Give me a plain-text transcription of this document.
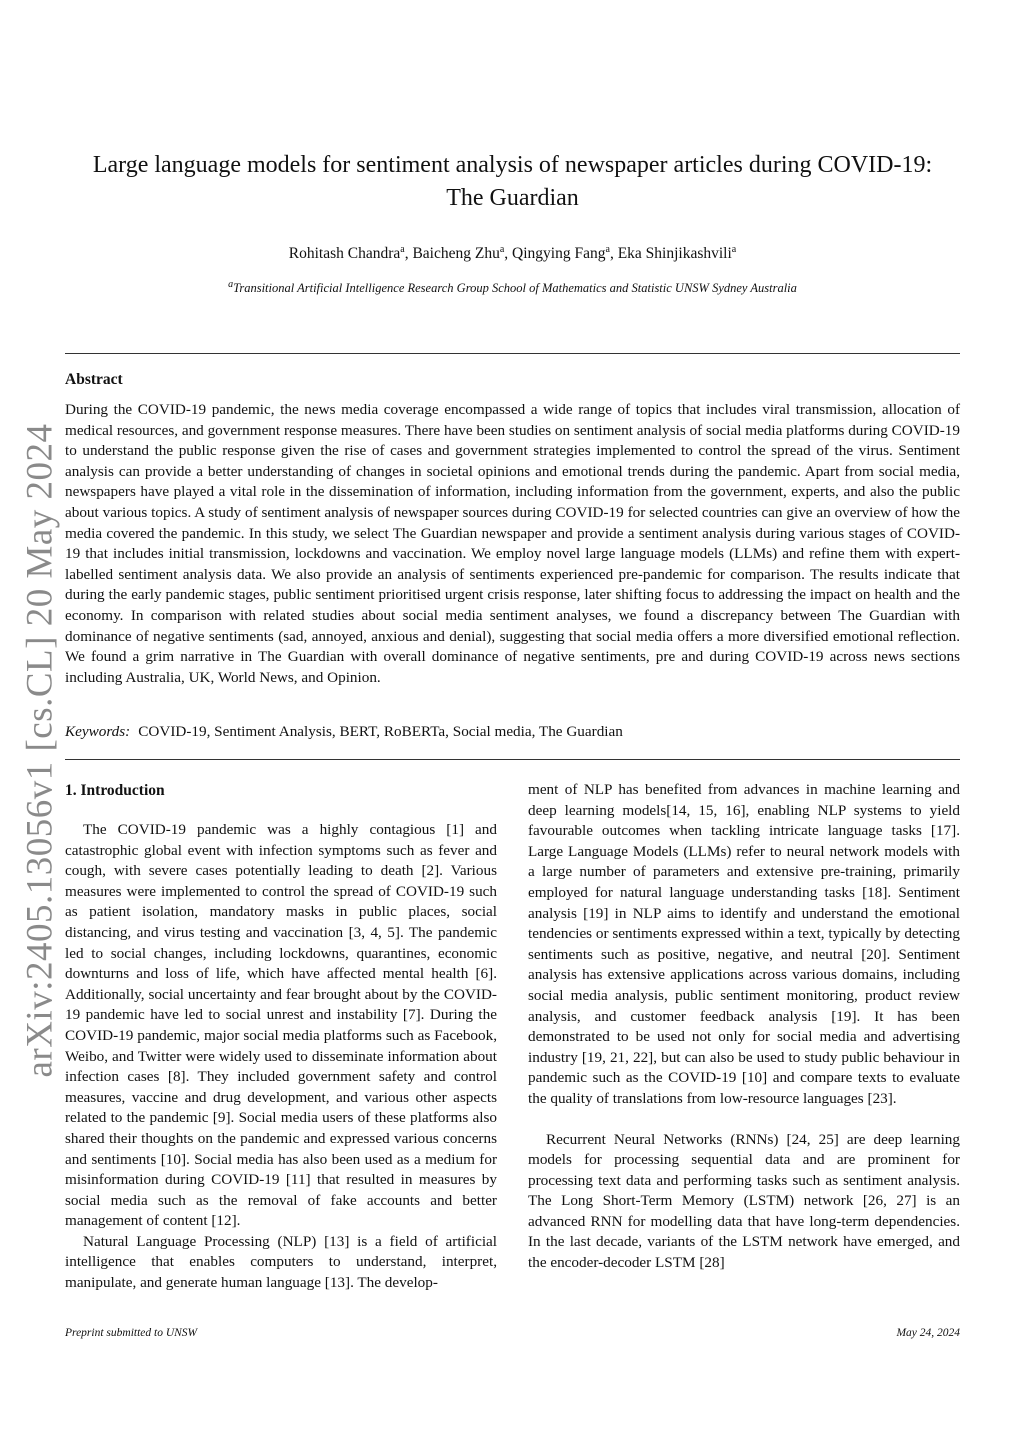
arXiv:2405.13056v1 [cs.CL] 20 May 2024
Large language models for sentiment analysis of newspaper articles during COVID-19:
The Guardian
Rohitash Chandra$^a$, Baicheng Zhu$^a$, Qingying Fang$^a$, Eka Shinjikashvili$^a$
$^a$Transitional Artificial Intelligence Research Group School of Mathematics and Statistic UNSW Sydney Australia
Abstract

During the COVID-19 pandemic, the news media coverage encompassed a wide range of topics that includes viral transmission, allocation of medical resources, and government response measures. There have been studies on sentiment analysis of social media platforms during COVID-19 to understand the public response given the rise of cases and government strategies implemented to control the spread of the virus. Sentiment analysis can provide a better understanding of changes in societal opinions and emotional trends during the pandemic. Apart from social media, newspapers have played a vital role in the dissemination of information, including information from the government, experts, and also the public about various topics. A study of sentiment analysis of newspaper sources during COVID-19 for selected countries can give an overview of how the media covered the pandemic. In this study, we select The Guardian newspaper and provide a sentiment analysis during various stages of COVID-19 that includes initial transmission, lockdowns and vaccination. We employ novel large language models (LLMs) and refine them with expert-labelled sentiment analysis data. We also provide an analysis of sentiments experienced pre-pandemic for comparison. The results indicate that during the early pandemic stages, public sentiment prioritised urgent crisis response, later shifting focus to addressing the impact on health and the economy. In comparison with related studies about social media sentiment analyses, we found a discrepancy between The Guardian with dominance of negative sentiments (sad, annoyed, anxious and denial), suggesting that social media offers a more diversified emotional reflection. We found a grim narrative in The Guardian with overall dominance of negative sentiments, pre and during COVID-19 across news sections including Australia, UK, World News, and Opinion.

Keywords: COVID-19, Sentiment Analysis, BERT, RoBERTa, Social media, The Guardian
1. Introduction

The COVID-19 pandemic was a highly contagious [1] and catastrophic global event with infection symptoms such as fever and cough, with severe cases potentially leading to death [2]. Various measures were implemented to control the spread of COVID-19 such as patient isolation, mandatory masks in public places, social distancing, and virus testing and vaccination [3, 4, 5]. The pandemic led to social changes, including lockdowns, quarantines, economic downturns and loss of life, which have affected mental health [6]. Additionally, social uncertainty and fear brought about by the COVID-19 pandemic have led to social unrest and instability [7]. During the COVID-19 pandemic, major social media platforms such as Facebook, Weibo, and Twitter were widely used to disseminate information about infection cases [8]. They included government safety and control measures, vaccine and drug development, and various other aspects related to the pandemic [9]. Social media users of these platforms also shared their thoughts on the pandemic and expressed various concerns and sentiments [10]. Social media has also been used as a medium for misinformation during COVID-19 [11] that resulted in measures by social media such as the removal of fake accounts and better management of content [12].

Natural Language Processing (NLP) [13] is a field of artificial intelligence that enables computers to understand, interpret, manipulate, and generate human language [13]. The develop-

ment of NLP has benefited from advances in machine learning and deep learning models[14, 15, 16], enabling NLP systems to yield favourable outcomes when tackling intricate language tasks [17]. Large Language Models (LLMs) refer to neural network models with a large number of parameters and extensive pre-training, primarily employed for natural language understanding tasks [18]. Sentiment analysis [19] in NLP aims to identify and understand the emotional tendencies or sentiments expressed within a text, typically by detecting sentiments such as positive, negative, and neutral [20]. Sentiment analysis has extensive applications across various domains, including social media analysis, public sentiment monitoring, product review analysis, and customer feedback analysis [19]. It has been demonstrated to be used not only for social media and advertising industry [19, 21, 22], but can also be used to study public behaviour in pandemic such as the COVID-19 [10] and compare texts to evaluate the quality of translations from low-resource languages [23].

Recurrent Neural Networks (RNNs) [24, 25] are deep learning models for processing sequential data and are prominent for processing text data and performing tasks such as sentiment analysis. The Long Short-Term Memory (LSTM) network [26, 27] is an advanced RNN for modelling data that have long-term dependencies. In the last decade, variants of the LSTM network have emerged, and the encoder-decoder LSTM [28]

Preprint submitted to UNSW	May 24, 2024
